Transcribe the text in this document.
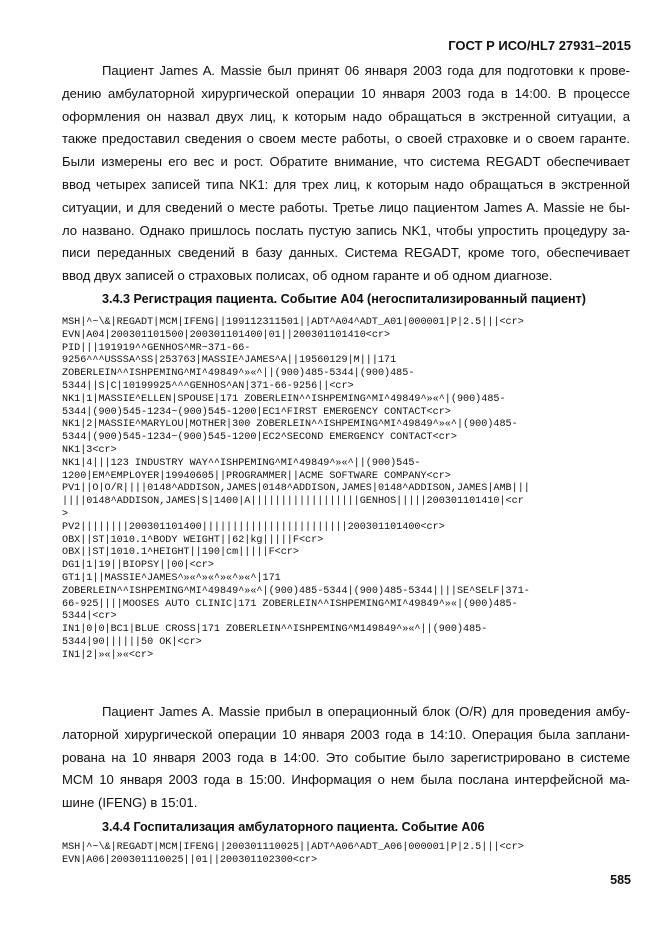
ГОСТ Р ИСО/HL7 27931–2015
Пациент James A. Massie был принят 06 января 2003 года для подготовки к прове-
дению амбулаторной хирургической операции 10 января 2003 года в 14:00. В процессе
оформления он назвал двух лиц, к которым надо обращаться в экстренной ситуации, а
также предоставил сведения о своем месте работы, о своей страховке и о своем гаранте.
Были измерены его вес и рост. Обратите внимание, что система REGADT обеспечивает
ввод четырех записей типа NK1: для трех лиц, к которым надо обращаться в экстренной
ситуации, и для сведений о месте работы. Третье лицо пациентом James A. Massie не бы-
ло названо. Однако пришлось послать пустую запись NK1, чтобы упростить процедуру за-
писи переданных сведений в базу данных. Система REGADT, кроме того, обеспечивает
ввод двух записей о страховых полисах, об одном гаранте и об одном диагнозе.
3.4.3 Регистрация пациента. Событие A04 (негоспитализированный пациент)
MSH|^~\&|REGADT|MCM|IFENG||199112311501||ADT^A04^ADT_A01|000001|P|2.5|||<cr>
EVN|A04|200301101500|200301101400|01||200301101410<cr>
PID|||191919^^GENHOS^MR~371-66-
9256^^^USSSA^SS|253763|MASSIE^JAMES^A||19560129|M|||171
ZOBERLEIN^^ISHPEMING^MI^49849^»«^||(900)485-5344|(900)485-
5344||S|C|10199925^^^GENHOS^AN|371-66-9256||<cr>
NK1|1|MASSIE^ELLEN|SPOUSE|171 ZOBERLEIN^^ISHPEMING^MI^49849^»«^|(900)485-
5344|(900)545-1234~(900)545-1200|EC1^FIRST EMERGENCY CONTACT<cr>
NK1|2|MASSIE^MARYLOU|MOTHER|300 ZOBERLEIN^^ISHPEMING^MI^49849^»«^|(900)485-
5344|(900)545-1234~(900)545-1200|EC2^SECOND EMERGENCY CONTACT<cr>
NK1|3<cr>
NK1|4|||123 INDUSTRY WAY^^ISHPEMING^MI^49849^»«^||(900)545-
1200|EM^EMPLOYER|19940605||PROGRAMMER||ACME SOFTWARE COMPANY<cr>
PV1||O|O/R||||0148^ADDISON,JAMES|0148^ADDISON,JAMES|0148^ADDISON,JAMES|AMB|||
||||0148^ADDISON,JAMES|S|1400|A||||||||||||||||||GENHOS|||||200301101410|<cr
>
PV2||||||||200301101400||||||||||||||||||||||||200301101400<cr>
OBX||ST|1010.1^BODY WEIGHT||62|kg|||||F<cr>
OBX||ST|1010.1^HEIGHT||190|cm|||||F<cr>
DG1|1|19||BIOPSY||00|<cr>
GT1|1||MASSIE^JAMES^»«^»«^»«^»«^|171
ZOBERLEIN^^ISHPEMING^MI^49849^»«^|(900)485-5344|(900)485-5344||||SE^SELF|371-
66-925||||MOOSES AUTO CLINIC|171 ZOBERLEIN^^ISHPEMING^MI^49849^»«|(900)485-
5344|<cr>
IN1|0|0|BC1|BLUE CROSS|171 ZOBERLEIN^^ISHPEMING^M149849^»«^||(900)485-
5344|90||||||50 OK|<cr>
IN1|2|»«|»«<cr>
Пациент James A. Massie прибыл в операционный блок (O/R) для проведения амбу-
латорной хирургической операции 10 января 2003 года в 14:10. Операция была заплани-
рована на 10 января 2003 года в 14:00. Это событие было зарегистрировано в системе
MCM 10 января 2003 года в 15:00. Информация о нем была послана интерфейсной ма-
шине (IFENG) в 15:01.
3.4.4 Госпитализация амбулаторного пациента. Событие A06
MSH|^~\&|REGADT|MCM|IFENG||200301110025||ADT^A06^ADT_A06|000001|P|2.5|||<cr>
EVN|A06|200301110025||01||200301102300<cr>
585
